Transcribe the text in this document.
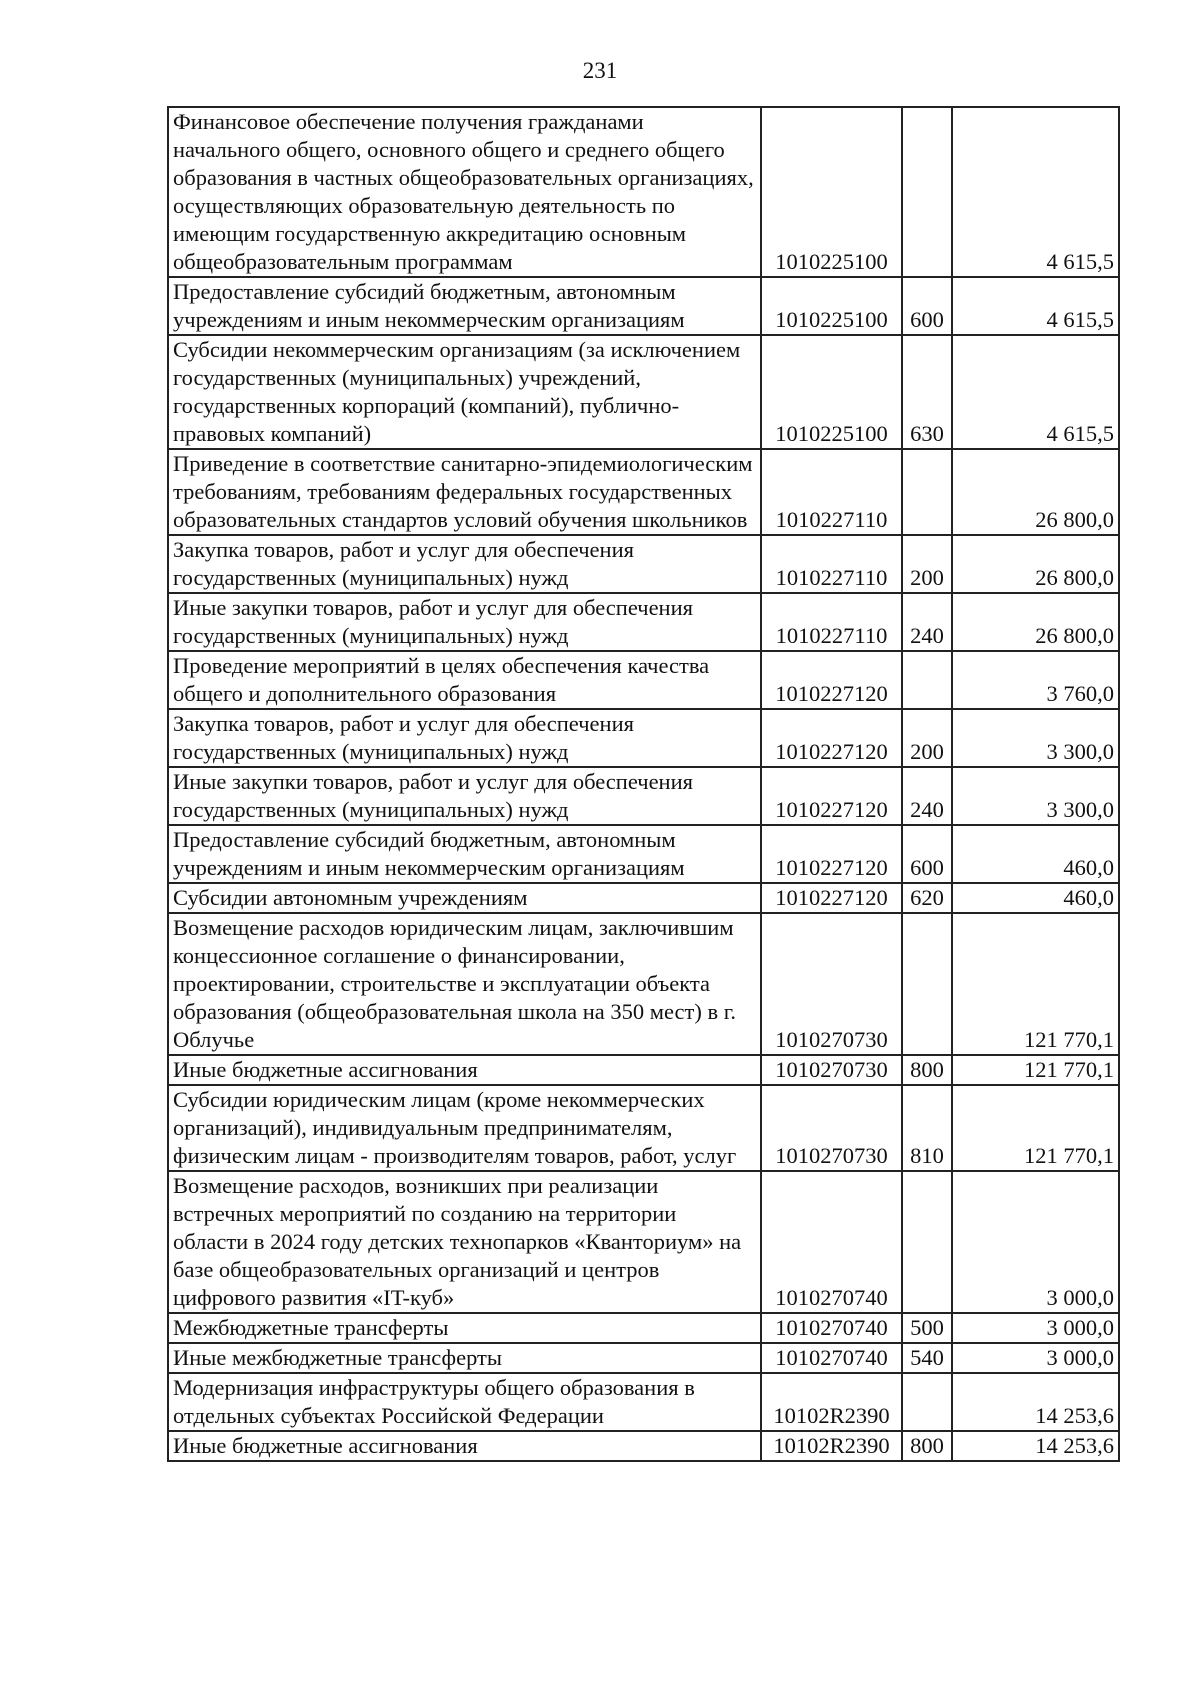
231
Финансовое обеспечение получения гражданами начального общего, основного общего и среднего общего образования в частных общеобразовательных организациях, осуществляющих образовательную деятельность по имеющим государственную аккредитацию основным общеобразовательным программам	1010225100		4 615,5
Предоставление субсидий бюджетным, автономным учреждениям и иным некоммерческим организациям	1010225100	600	4 615,5
Субсидии некоммерческим организациям (за исключением государственных (муниципальных) учреждений, государственных корпораций (компаний), публично-правовых компаний)	1010225100	630	4 615,5
Приведение в соответствие санитарно-эпидемиологическим требованиям, требованиям федеральных государственных образовательных стандартов условий обучения школьников	1010227110		26 800,0
Закупка товаров, работ и услуг для обеспечения государственных (муниципальных) нужд	1010227110	200	26 800,0
Иные закупки товаров, работ и услуг для обеспечения государственных (муниципальных) нужд	1010227110	240	26 800,0
Проведение мероприятий в целях обеспечения качества общего и дополнительного образования	1010227120		3 760,0
Закупка товаров, работ и услуг для обеспечения государственных (муниципальных) нужд	1010227120	200	3 300,0
Иные закупки товаров, работ и услуг для обеспечения государственных (муниципальных) нужд	1010227120	240	3 300,0
Предоставление субсидий бюджетным, автономным учреждениям и иным некоммерческим организациям	1010227120	600	460,0
Субсидии автономным учреждениям	1010227120	620	460,0
Возмещение расходов юридическим лицам, заключившим концессионное соглашение о финансировании, проектировании, строительстве и эксплуатации объекта образования (общеобразовательная школа на 350 мест) в г. Облучье	1010270730		121 770,1
Иные бюджетные ассигнования	1010270730	800	121 770,1
Субсидии юридическим лицам (кроме некоммерческих организаций), индивидуальным предпринимателям, физическим лицам - производителям товаров, работ, услуг	1010270730	810	121 770,1
Возмещение расходов, возникших при реализации встречных мероприятий по созданию на территории области в 2024 году детских технопарков «Кванториум» на базе общеобразовательных организаций и центров цифрового развития «IT-куб»	1010270740		3 000,0
Межбюджетные трансферты	1010270740	500	3 000,0
Иные межбюджетные трансферты	1010270740	540	3 000,0
Модернизация инфраструктуры общего образования в отдельных субъектах Российской Федерации	10102R2390		14 253,6
Иные бюджетные ассигнования	10102R2390	800	14 253,6
